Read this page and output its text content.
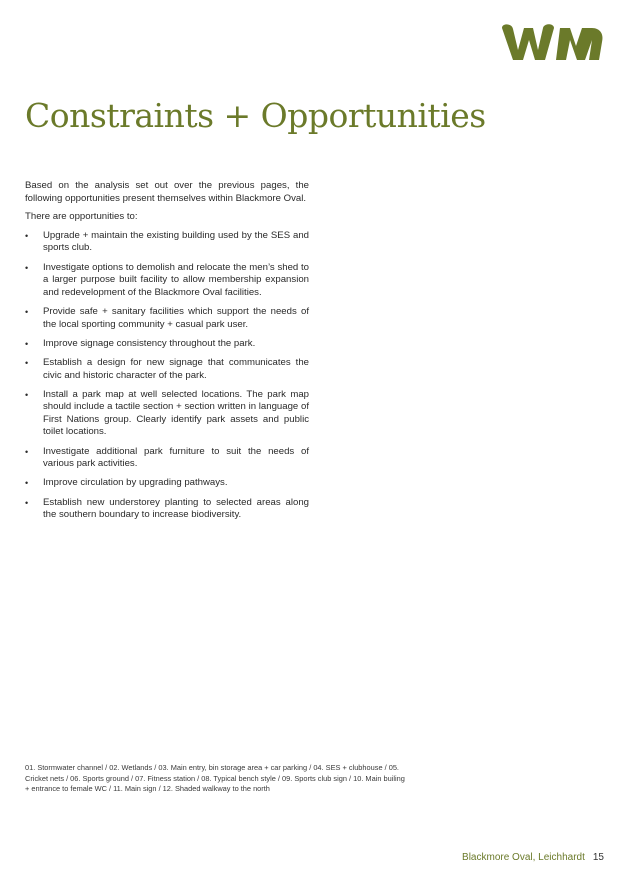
Constraints + Opportunities

Based on the analysis set out over the previous pages, the following opportunities present themselves within Blackmore Oval.

There are opportunities to:

•	Upgrade + maintain the existing building used by the SES and sports club.
•	Investigate options to demolish and relocate the men’s shed to a larger purpose built facility to allow membership expansion and redevelopment of the Blackmore Oval facilities.
•	Provide safe + sanitary facilities which support the needs of the local sporting community + casual park user.
•	Improve signage consistency throughout the park.
•	Establish a design for new signage that communicates the civic and historic character of the park.
•	Install a park map at well selected locations. The park map should include a tactile section + section written in language of First Nations group. Clearly identify park assets and public toilet locations.
•	Investigate additional park furniture to suit the needs of various park activities.
•	Improve circulation by upgrading pathways.
•	Establish new understorey planting to selected areas along the southern boundary to increase biodiversity.
01. Stormwater channel / 02. Wetlands / 03. Main entry, bin storage area + car parking / 04. SES + clubhouse / 05. Cricket nets / 06. Sports ground / 07. Fitness station / 08. Typical bench style / 09. Sports club sign / 10. Main builing + entrance to female WC / 11. Main sign / 12. Shaded walkway to the north
Blackmore Oval, Leichhardt 15
